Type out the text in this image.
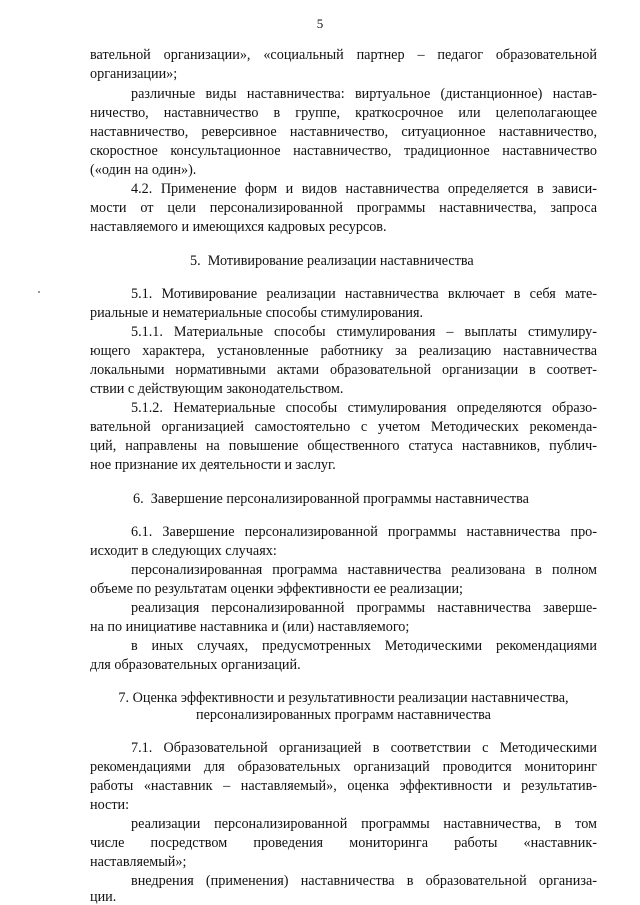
5
вательной организации», «социальный партнер – педагог образовательной
организации»;
различные виды наставничества: виртуальное (дистанционное) настав-
ничество, наставничество в группе, краткосрочное или целеполагающее
наставничество, реверсивное наставничество, ситуационное наставничество,
скоростное консультационное наставничество, традиционное наставничество
(«один на один»).
4.2. Применение форм и видов наставничества определяется в зависи-
мости от цели персонализированной программы наставничества, запроса
наставляемого и имеющихся кадровых ресурсов.
5.  Мотивирование реализации наставничества
5.1. Мотивирование реализации наставничества включает в себя мате-
риальные и нематериальные способы стимулирования.
5.1.1. Материальные способы стимулирования – выплаты стимулиру-
ющего характера, установленные работнику за реализацию наставничества
локальными нормативными актами образовательной организации в соответ-
ствии с действующим законодательством.
5.1.2. Нематериальные способы стимулирования определяются образо-
вательной организацией самостоятельно с учетом Методических рекоменда-
ций, направлены на повышение общественного статуса наставников, публич-
ное признание их деятельности и заслуг.
6.  Завершение персонализированной программы наставничества
6.1. Завершение персонализированной программы наставничества про-
исходит в следующих случаях:
персонализированная программа наставничества реализована в полном
объеме по результатам оценки эффективности ее реализации;
реализация персонализированной программы наставничества заверше-
на по инициативе наставника и (или) наставляемого;
в иных случаях, предусмотренных Методическими рекомендациями
для образовательных организаций.
7. Оценка эффективности и результативности реализации наставничества,
персонализированных программ наставничества
7.1. Образовательной организацией в соответствии с Методическими
рекомендациями для образовательных организаций проводится мониторинг
работы «наставник – наставляемый», оценка эффективности и результатив-
ности:
реализации персонализированной программы наставничества, в том
числе посредством проведения мониторинга работы «наставник-
наставляемый»;
внедрения (применения) наставничества в образовательной организа-
ции.
